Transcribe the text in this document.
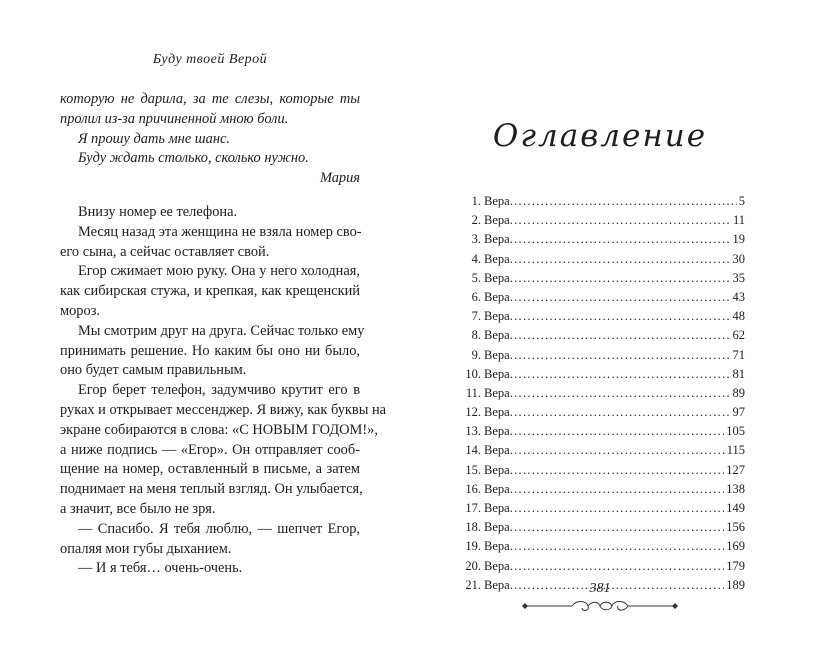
Буду твоей Верой
которую не дарила, за те слезы, которые ты
пролил из-за причиненной мною боли.
Я прошу дать мне шанс.
Буду ждать столько, сколько нужно.
Мария
Внизу номер ее телефона.
Месяц назад эта женщина не взяла номер сво-
его сына, а сейчас оставляет свой.
Егор сжимает мою руку. Она у него холодная,
как сибирская стужа, и крепкая, как крещенский
мороз.
Мы смотрим друг на друга. Сейчас только ему
принимать решение. Но каким бы оно ни было,
оно будет самым правильным.
Егор берет телефон, задумчиво крутит его в
руках и открывает мессенджер. Я вижу, как буквы на
экране собираются в слова: «С НОВЫМ ГОДОМ!»,
а ниже подпись — «Егор». Он отправляет сооб-
щение на номер, оставленный в письме, а затем
поднимает на меня теплый взгляд. Он улыбается,
а значит, все было не зря.
— Спасибо. Я тебя люблю, — шепчет Егор,
опаляя мои губы дыханием.
— И я тебя… очень-очень.
Оглавление
1. Вера .....	5
2. Вера .....	11
3. Вера .....	19
4. Вера .....	30
5. Вера .....	35
6. Вера .....	43
7. Вера .....	48
8. Вера .....	62
9. Вера .....	71
10. Вера .....	81
11. Вера .....	89
12. Вера .....	97
13. Вера .....	105
14. Вера .....	115
15. Вера .....	127
16. Вера .....	138
17. Вера .....	149
18. Вера .....	156
19. Вера .....	169
20. Вера .....	179
21. Вера .....	189
381
